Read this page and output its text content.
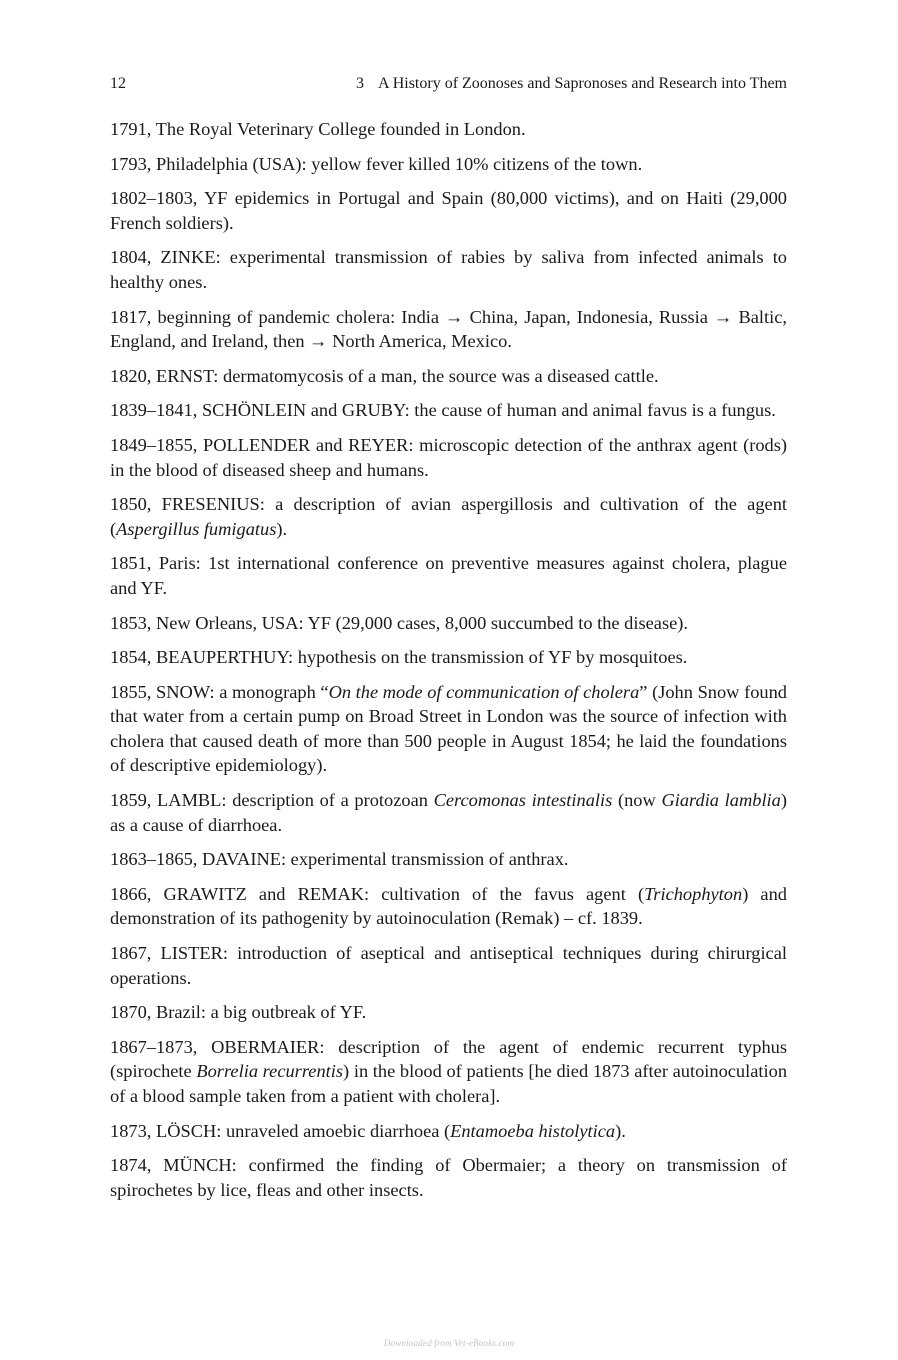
12	3 A History of Zoonoses and Sapronoses and Research into Them

1791, The Royal Veterinary College founded in London.

1793, Philadelphia (USA): yellow fever killed 10% citizens of the town.

1802–1803, YF epidemics in Portugal and Spain (80,000 victims), and on Haiti (29,000 French soldiers).

1804, ZINKE: experimental transmission of rabies by saliva from infected animals to healthy ones.

1817, beginning of pandemic cholera: India → China, Japan, Indonesia, Russia → Baltic, England, and Ireland, then → North America, Mexico.

1820, ERNST: dermatomycosis of a man, the source was a diseased cattle.

1839–1841, SCHÖNLEIN and GRUBY: the cause of human and animal favus is a fungus.

1849–1855, POLLENDER and REYER: microscopic detection of the anthrax agent (rods) in the blood of diseased sheep and humans.

1850, FRESENIUS: a description of avian aspergillosis and cultivation of the agent (Aspergillus fumigatus).

1851, Paris: 1st international conference on preventive measures against cholera, plague and YF.

1853, New Orleans, USA: YF (29,000 cases, 8,000 succumbed to the disease).

1854, BEAUPERTHUY: hypothesis on the transmission of YF by mosquitoes.

1855, SNOW: a monograph “On the mode of communication of cholera” (John Snow found that water from a certain pump on Broad Street in London was the source of infection with cholera that caused death of more than 500 people in August 1854; he laid the foundations of descriptive epidemiology).

1859, LAMBL: description of a protozoan Cercomonas intestinalis (now Giardia lamblia) as a cause of diarrhoea.

1863–1865, DAVAINE: experimental transmission of anthrax.

1866, GRAWITZ and REMAK: cultivation of the favus agent (Trichophyton) and demonstration of its pathogenity by autoinoculation (Remak) – cf. 1839.

1867, LISTER: introduction of aseptical and antiseptical techniques during chirurgical operations.

1870, Brazil: a big outbreak of YF.

1867–1873, OBERMAIER: description of the agent of endemic recurrent typhus (spirochete Borrelia recurrentis) in the blood of patients [he died 1873 after autoinoculation of a blood sample taken from a patient with cholera].

1873, LÖSCH: unraveled amoebic diarrhoea (Entamoeba histolytica).

1874, MÜNCH: confirmed the finding of Obermaier; a theory on transmission of spirochetes by lice, fleas and other insects.

Downloaded from Vet-eBooks.com
